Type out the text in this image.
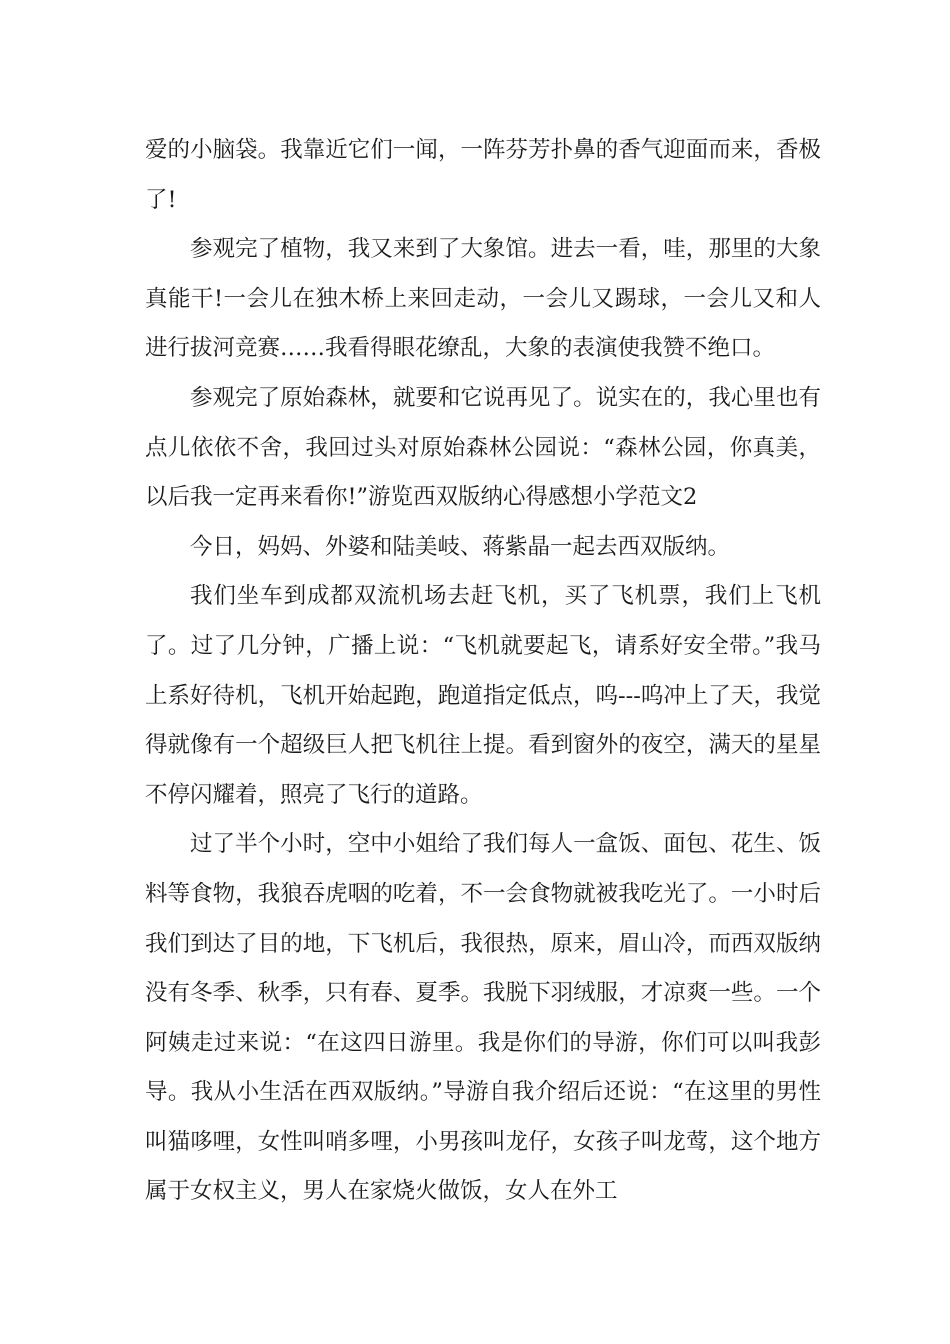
爱的小脑袋。我靠近它们一闻，一阵芬芳扑鼻的香气迎面而来，香极了!

参观完了植物，我又来到了大象馆。进去一看，哇，那里的大象真能干!一会儿在独木桥上来回走动，一会儿又踢球，一会儿又和人进行拔河竞赛……我看得眼花缭乱，大象的表演使我赞不绝口。

参观完了原始森林，就要和它说再见了。说实在的，我心里也有点儿依依不舍，我回过头对原始森林公园说：“森林公园，你真美，以后我一定再来看你!”游览西双版纳心得感想小学范文2

今日，妈妈、外婆和陆美岐、蒋紫晶一起去西双版纳。

我们坐车到成都双流机场去赶飞机，买了飞机票，我们上飞机了。过了几分钟，广播上说：“飞机就要起飞，请系好安全带。”我马上系好待机，飞机开始起跑，跑道指定低点，呜---呜冲上了天，我觉得就像有一个超级巨人把飞机往上提。看到窗外的夜空，满天的星星不停闪耀着，照亮了飞行的道路。

过了半个小时，空中小姐给了我们每人一盒饭、面包、花生、饭料等食物，我狼吞虎咽的吃着，不一会食物就被我吃光了。一小时后我们到达了目的地，下飞机后，我很热，原来，眉山冷，而西双版纳没有冬季、秋季，只有春、夏季。我脱下羽绒服，才凉爽一些。一个阿姨走过来说：“在这四日游里。我是你们的导游，你们可以叫我彭导。我从小生活在西双版纳。”导游自我介绍后还说：“在这里的男性叫猫哆哩，女性叫哨多哩，小男孩叫龙仔，女孩子叫龙莺，这个地方属于女权主义，男人在家烧火做饭，女人在外工
